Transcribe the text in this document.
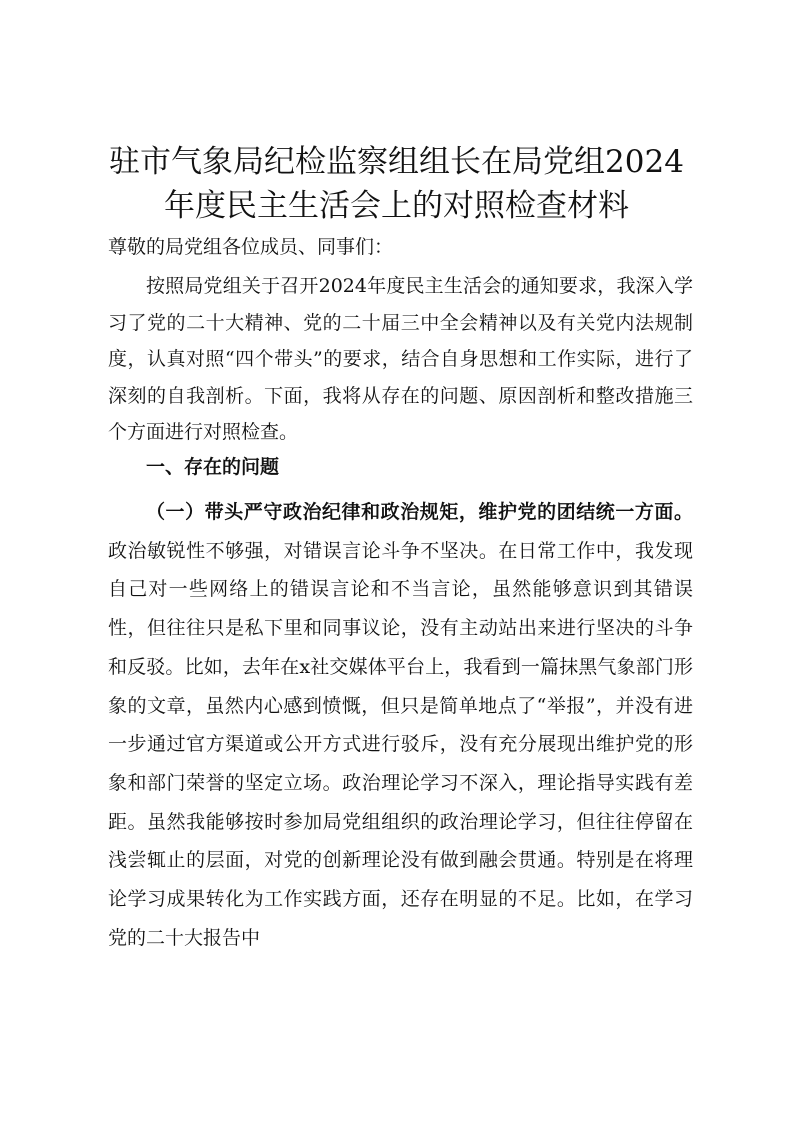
驻市气象局纪检监察组组长在局党组2024年度民主生活会上的对照检查材料

尊敬的局党组各位成员、同事们：

按照局党组关于召开2024年度民主生活会的通知要求，我深入学习了党的二十大精神、党的二十届三中全会精神以及有关党内法规制度，认真对照“四个带头”的要求，结合自身思想和工作实际，进行了深刻的自我剖析。下面，我将从存在的问题、原因剖析和整改措施三个方面进行对照检查。

一、存在的问题

（一）带头严守政治纪律和政治规矩，维护党的团结统一方面。政治敏锐性不够强，对错误言论斗争不坚决。在日常工作中，我发现自己对一些网络上的错误言论和不当言论，虽然能够意识到其错误性，但往往只是私下里和同事议论，没有主动站出来进行坚决的斗争和反驳。比如，去年在x社交媒体平台上，我看到一篇抹黑气象部门形象的文章，虽然内心感到愤慨，但只是简单地点了“举报”，并没有进一步通过官方渠道或公开方式进行驳斥，没有充分展现出维护党的形象和部门荣誉的坚定立场。政治理论学习不深入，理论指导实践有差距。虽然我能够按时参加局党组组织的政治理论学习，但往往停留在浅尝辄止的层面，对党的创新理论没有做到融会贯通。特别是在将理论学习成果转化为工作实践方面，还存在明显的不足。比如，在学习党的二十大报告中
